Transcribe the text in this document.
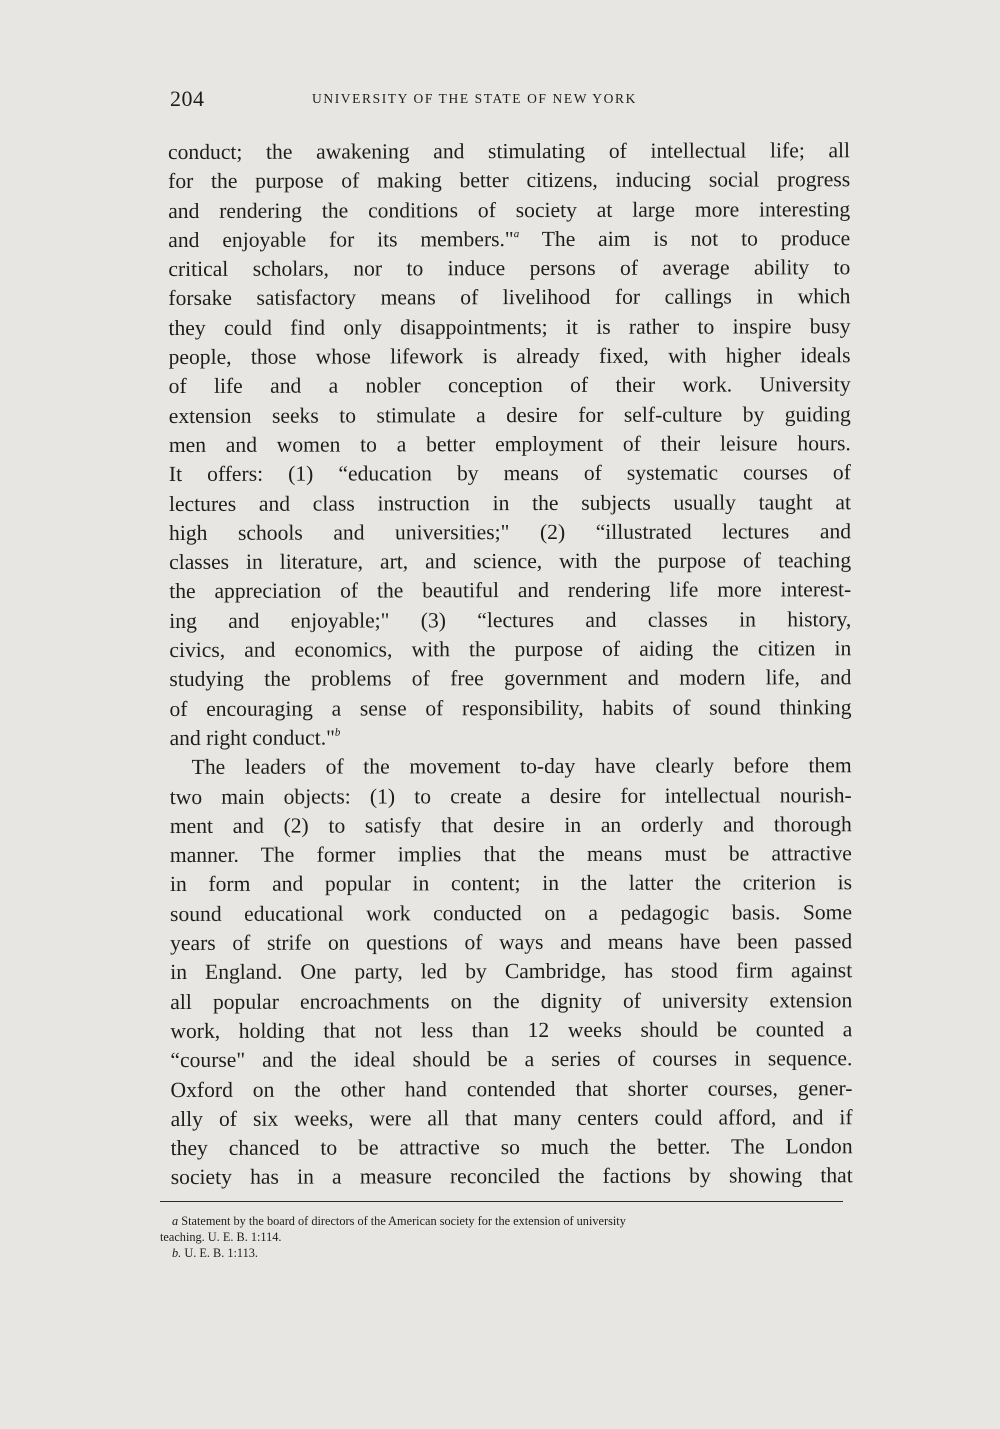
204	UNIVERSITY OF THE STATE OF NEW YORK
conduct; the awakening and stimulating of intellectual life; all
for the purpose of making better citizens, inducing social progress
and rendering the conditions of society at large more interesting
and enjoyable for its members."$^a$ The aim is not to produce
critical scholars, nor to induce persons of average ability to
forsake satisfactory means of livelihood for callings in which
they could find only disappointments; it is rather to inspire busy
people, those whose lifework is already fixed, with higher ideals
of life and a nobler conception of their work. University
extension seeks to stimulate a desire for self-culture by guiding
men and women to a better employment of their leisure hours.
It offers: (1) “education by means of systematic courses of
lectures and class instruction in the subjects usually taught at
high schools and universities;" (2) “illustrated lectures and
classes in literature, art, and science, with the purpose of teaching
the appreciation of the beautiful and rendering life more interest-
ing and enjoyable;" (3) “lectures and classes in history,
civics, and economics, with the purpose of aiding the citizen in
studying the problems of free government and modern life, and
of encouraging a sense of responsibility, habits of sound thinking
and right conduct."$^b$
The leaders of the movement to-day have clearly before them
two main objects: (1) to create a desire for intellectual nourish-
ment and (2) to satisfy that desire in an orderly and thorough
manner. The former implies that the means must be attractive
in form and popular in content; in the latter the criterion is
sound educational work conducted on a pedagogic basis. Some
years of strife on questions of ways and means have been passed
in England. One party, led by Cambridge, has stood firm against
all popular encroachments on the dignity of university extension
work, holding that not less than 12 weeks should be counted a
“course" and the ideal should be a series of courses in sequence.
Oxford on the other hand contended that shorter courses, gener-
ally of six weeks, were all that many centers could afford, and if
they chanced to be attractive so much the better. The London
society has in a measure reconciled the factions by showing that
a Statement by the board of directors of the American society for the extension of university
teaching. U. E. B. 1:114.
b. U. E. B. 1:113.
